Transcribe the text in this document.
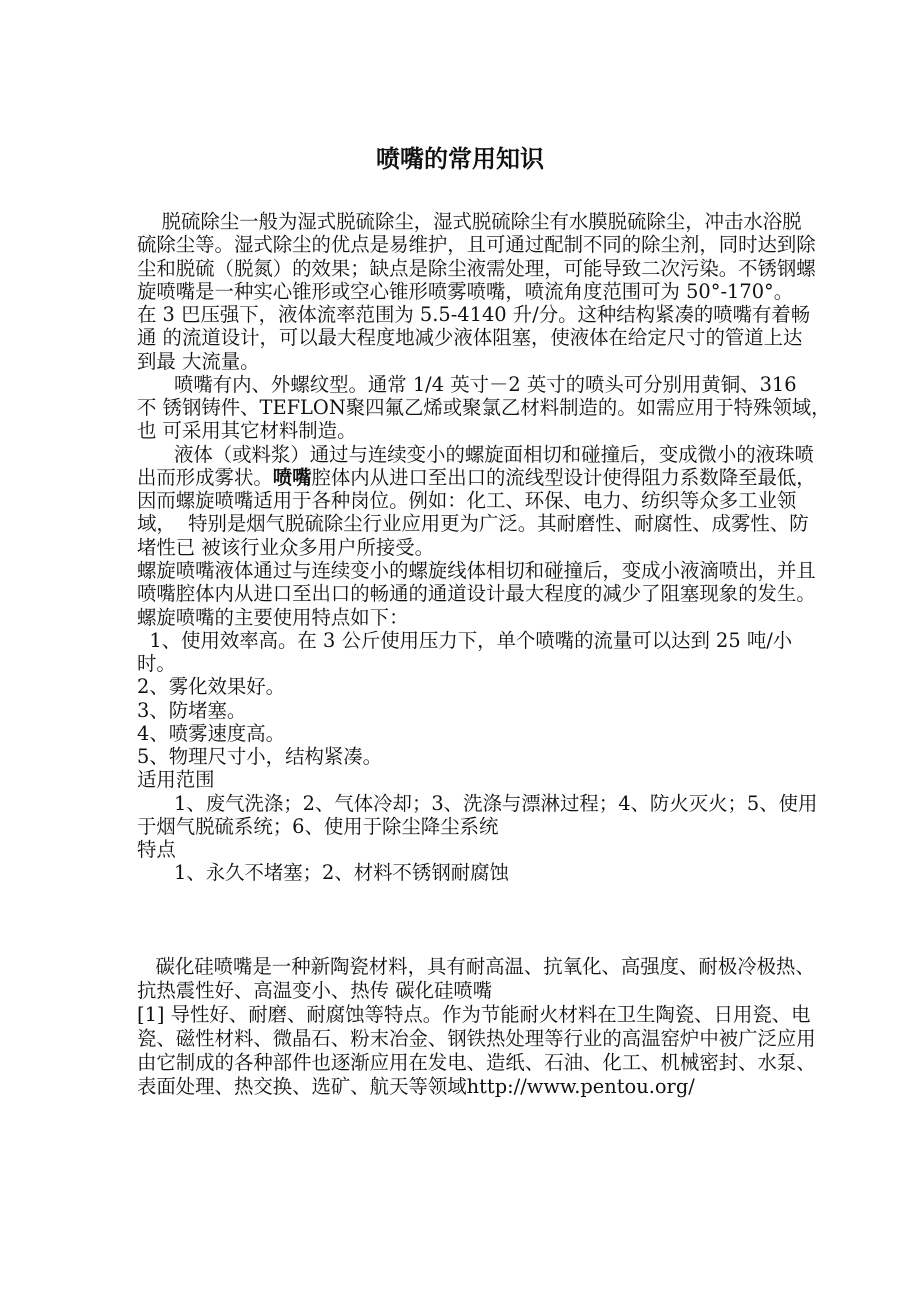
喷嘴的常用知识
脱硫除尘一般为湿式脱硫除尘，湿式脱硫除尘有水膜脱硫除尘，冲击水浴脱
硫除尘等。湿式除尘的优点是易维护，且可通过配制不同的除尘剂，同时达到除
尘和脱硫（脱氮）的效果；缺点是除尘液需处理，可能导致二次污染。不锈钢螺
旋喷嘴是一种实心锥形或空心锥形喷雾喷嘴，喷流角度范围可为 50°-170°。
在 3 巴压强下，液体流率范围为 5.5-4140 升/分。这种结构紧凑的喷嘴有着畅
通 的流道设计，可以最大程度地减少液体阻塞，使液体在给定尺寸的管道上达
到最 大流量。
喷嘴有内、外螺纹型。通常 1/4 英寸－2 英寸的喷头可分别用黄铜、316
不 锈钢铸件、TEFLON聚四氟乙烯或聚氯乙材料制造的。如需应用于特殊领域，
也 可采用其它材料制造。
液体（或料浆）通过与连续变小的螺旋面相切和碰撞后，变成微小的液珠喷
出而形成雾状。喷嘴腔体内从进口至出口的流线型设计使得阻力系数降至最低，
因而螺旋喷嘴适用于各种岗位。例如：化工、环保、电力、纺织等众多工业领
域，  特别是烟气脱硫除尘行业应用更为广泛。其耐磨性、耐腐性、成雾性、防
堵性已 被该行业众多用户所接受。
螺旋喷嘴液体通过与连续变小的螺旋线体相切和碰撞后，变成小液滴喷出，并且
喷嘴腔体内从进口至出口的畅通的通道设计最大程度的减少了阻塞现象的发生。
螺旋喷嘴的主要使用特点如下：
1、使用效率高。在 3 公斤使用压力下，单个喷嘴的流量可以达到 25 吨/小
时。
2、雾化效果好。
3、防堵塞。
4、喷雾速度高。
5、物理尺寸小，结构紧凑。
适用范围
1、废气洗涤；2、气体冷却；3、洗涤与漂淋过程；4、防火灭火；5、使用
于烟气脱硫系统；6、使用于除尘降尘系统
特点
1、永久不堵塞；2、材料不锈钢耐腐蚀
碳化硅喷嘴是一种新陶瓷材料，具有耐高温、抗氧化、高强度、耐极冷极热、
抗热震性好、高温变小、热传 碳化硅喷嘴
[1] 导性好、耐磨、耐腐蚀等特点。作为节能耐火材料在卫生陶瓷、日用瓷、电
瓷、磁性材料、微晶石、粉末冶金、钢铁热处理等行业的高温窑炉中被广泛应用
由它制成的各种部件也逐渐应用在发电、造纸、石油、化工、机械密封、水泵、
表面处理、热交换、选矿、航天等领域http://www.pentou.org/
